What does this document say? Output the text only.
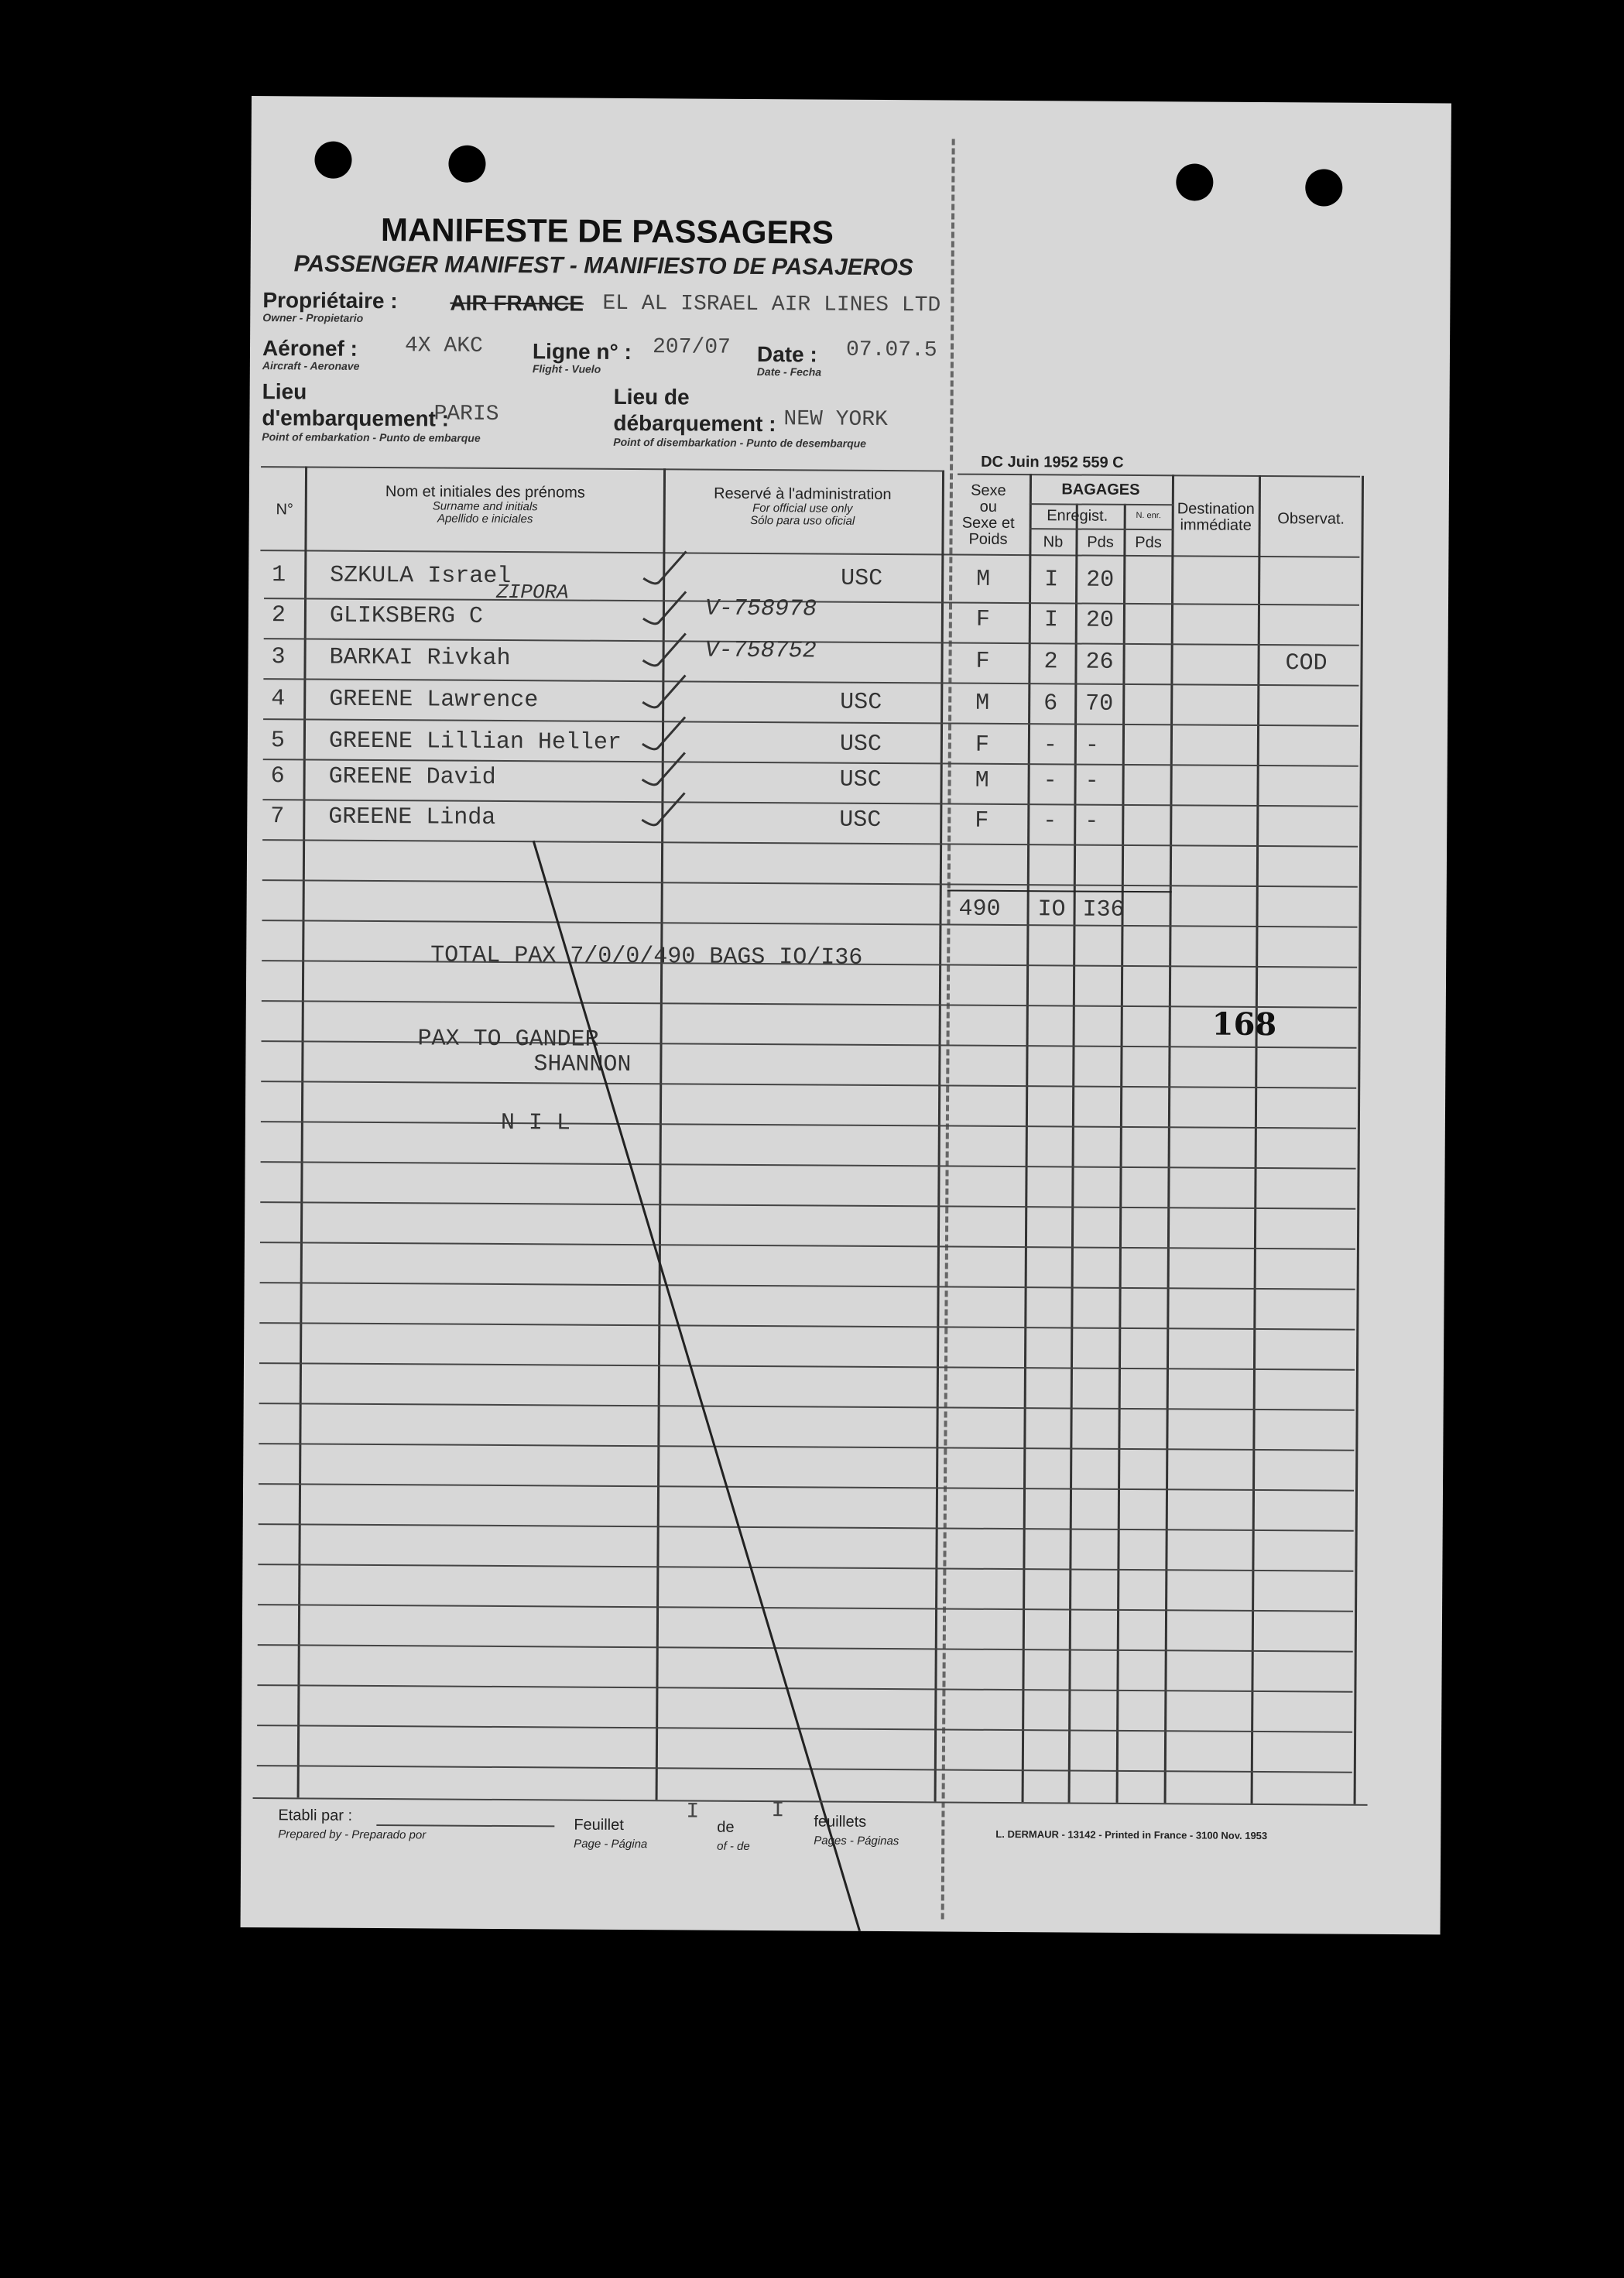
MANIFESTE DE PASSAGERS
PASSENGER MANIFEST - MANIFIESTO DE PASAJEROS
Propriétaire :
Owner - Propietario
AIR FRANCE EL AL ISRAEL AIR LINES LTD
Aéronef :
Aircraft - Aeronave
4X AKC Ligne n° :
Flight - Vuelo
207/07 Date :
Date - Fecha
07.07.5
Lieu
d'embarquement :
Point of embarkation - Punto de embarque
PARIS
Lieu de
débarquement :
Point of disembarkation - Punto de desembarque
NEW YORK
DC Juin 1952 559 C
N°
Nom et initiales des prénoms
Surname and initials
Apellido e iniciales
Reservé à l'administration
For official use only
Sólo para uso oficial
Sexe
ou
Sexe et
Poids
BAGAGES
Enregist.	N. enr.
Nb	Pds	Pds
Destination
immédiate	Observat.
1 SZKULA Israel	USC	M I 20
2 GLIKSBERG C	V-758978	F I 20
ZIPORA
3 BARKAI Rivkah	V-758752	F 2 26	COD
4 GREENE Lawrence	USC	M 6 70
5 GREENE Lillian Heller	USC	F - -
6 GREENE David	USC	M - -
7 GREENE Linda	USC	F - -
490 IO I36
TOTAL PAX 7/0/0/490 BAGS IO/I36
PAX TO GANDER
SHANNON
N I L
168
Etabli par :
Prepared by - Preparado por
Feuillet
Page - Página
I
de
of - de
I feuillets
Pages - Páginas	L. DERMAUR - 13142 - Printed in France - 3100 Nov. 1953
